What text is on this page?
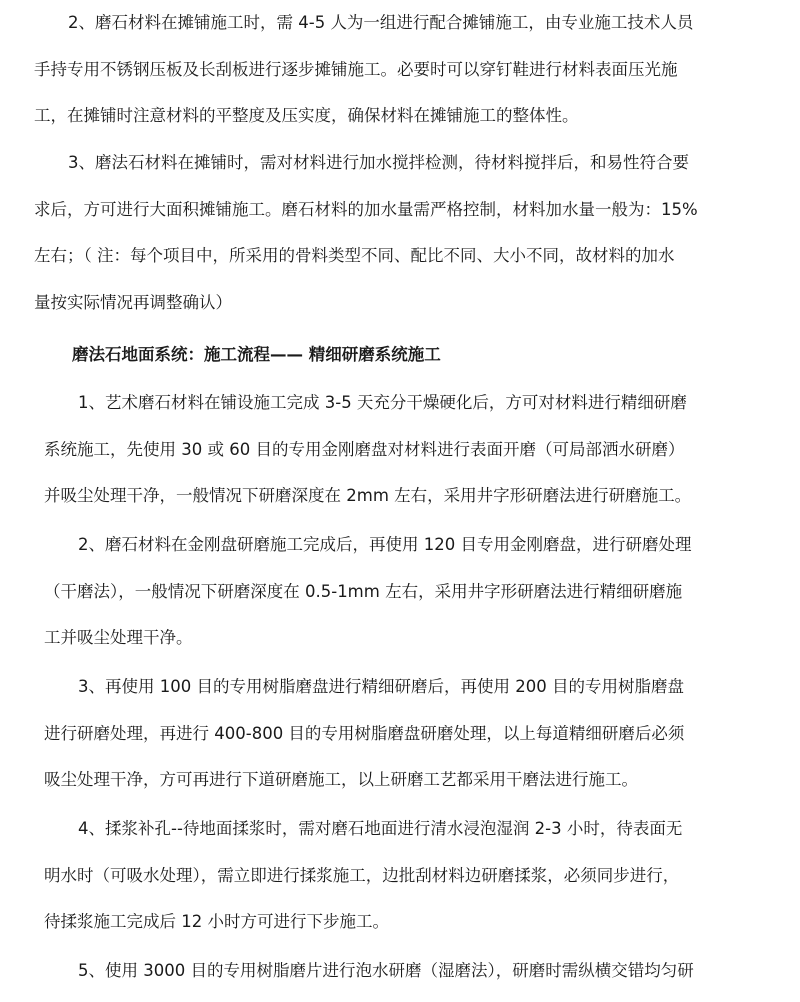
2、磨石材料在摊铺施工时，需 4-5 人为一组进行配合摊铺施工，由专业施工技术人员
手持专用不锈钢压板及长刮板进行逐步摊铺施工。必要时可以穿钉鞋进行材料表面压光施
工，在摊铺时注意材料的平整度及压实度，确保材料在摊铺施工的整体性。
3、磨法石材料在摊铺时，需对材料进行加水搅拌检测，待材料搅拌后，和易性符合要
求后，方可进行大面积摊铺施工。磨石材料的加水量需严格控制，材料加水量一般为：15%
左右；（ 注：每个项目中，所采用的骨料类型不同、配比不同、大小不同，故材料的加水
量按实际情况再调整确认）
磨法石地面系统：施工流程—— 精细研磨系统施工
1、艺术磨石材料在铺设施工完成 3-5 天充分干燥硬化后，方可对材料进行精细研磨
系统施工，先使用 30 或 60 目的专用金刚磨盘对材料进行表面开磨（可局部洒水研磨）
并吸尘处理干净，一般情况下研磨深度在 2mm 左右，采用井字形研磨法进行研磨施工。
2、磨石材料在金刚盘研磨施工完成后，再使用 120 目专用金刚磨盘，进行研磨处理
（干磨法），一般情况下研磨深度在 0.5-1mm 左右，采用井字形研磨法进行精细研磨施
工并吸尘处理干净。
3、再使用 100 目的专用树脂磨盘进行精细研磨后，再使用 200 目的专用树脂磨盘
进行研磨处理，再进行 400-800 目的专用树脂磨盘研磨处理，以上每道精细研磨后必须
吸尘处理干净，方可再进行下道研磨施工，以上研磨工艺都采用干磨法进行施工。
4、揉浆补孔--待地面揉浆时，需对磨石地面进行清水浸泡湿润 2-3 小时，待表面无
明水时（可吸水处理），需立即进行揉浆施工，边批刮材料边研磨揉浆，必须同步进行，
待揉浆施工完成后 12 小时方可进行下步施工。
5、使用 3000 目的专用树脂磨片进行泡水研磨（湿磨法），研磨时需纵横交错均匀研
